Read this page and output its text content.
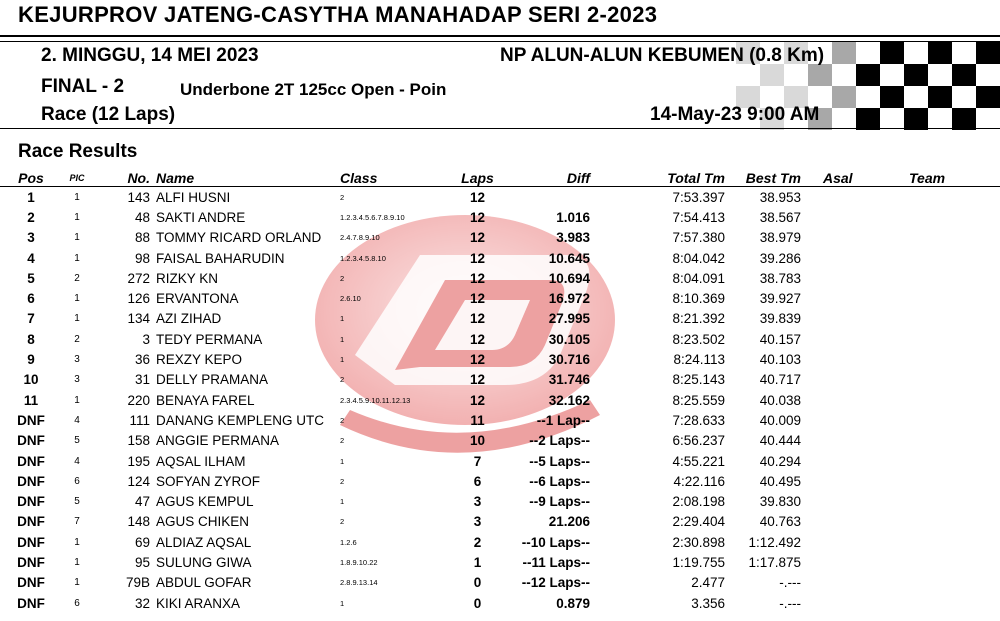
KEJURPROV JATENG-CASYTHA MANAHADAP SERI 2-2023
2. MINGGU, 14 MEI 2023	NP ALUN-ALUN KEBUMEN (0.8 Km)
FINAL - 2	Underbone 2T 125cc Open - Poin
Race (12 Laps)	14-May-23 9:00 AM
Race Results
Pos	PIC	No.	Name	Class	Laps	Diff	Total Tm	Best Tm	Asal	Team
1	1	143	ALFI HUSNI	2	12		7:53.397	38.953		
2	1	48	SAKTI ANDRE	1.2.3.4.5.6.7.8.9.10	12	1.016	7:54.413	38.567		
3	1	88	TOMMY RICARD ORLAND	2.4.7.8.9.10	12	3.983	7:57.380	38.979		
4	1	98	FAISAL BAHARUDIN	1.2.3.4.5.8.10	12	10.645	8:04.042	39.286		
5	2	272	RIZKY KN	2	12	10.694	8:04.091	38.783		
6	1	126	ERVANTONA	2.6.10	12	16.972	8:10.369	39.927		
7	1	134	AZI ZIHAD	1	12	27.995	8:21.392	39.839		
8	2	3	TEDY PERMANA	1	12	30.105	8:23.502	40.157		
9	3	36	REXZY KEPO	1	12	30.716	8:24.113	40.103		
10	3	31	DELLY PRAMANA	2	12	31.746	8:25.143	40.717		
11	1	220	BENAYA FAREL	2.3.4.5.9.10.11.12.13	12	32.162	8:25.559	40.038		
DNF	4	111	DANANG KEMPLENG UTC	2	11	--1 Lap--	7:28.633	40.009		
DNF	5	158	ANGGIE PERMANA	2	10	--2 Laps--	6:56.237	40.444		
DNF	4	195	AQSAL ILHAM	1	7	--5 Laps--	4:55.221	40.294		
DNF	6	124	SOFYAN ZYROF	2	6	--6 Laps--	4:22.116	40.495		
DNF	5	47	AGUS KEMPUL	1	3	--9 Laps--	2:08.198	39.830		
DNF	7	148	AGUS CHIKEN	2	3	21.206	2:29.404	40.763		
DNF	1	69	ALDIAZ AQSAL	1.2.6	2	--10 Laps--	2:30.898	1:12.492		
DNF	1	95	SULUNG GIWA	1.8.9.10.22	1	--11 Laps--	1:19.755	1:17.875		
DNF	1	79B	ABDUL GOFAR	2.8.9.13.14	0	--12 Laps--	2.477	-.---		
DNF	6	32	KIKI ARANXA	1	0	0.879	3.356	-.---		
